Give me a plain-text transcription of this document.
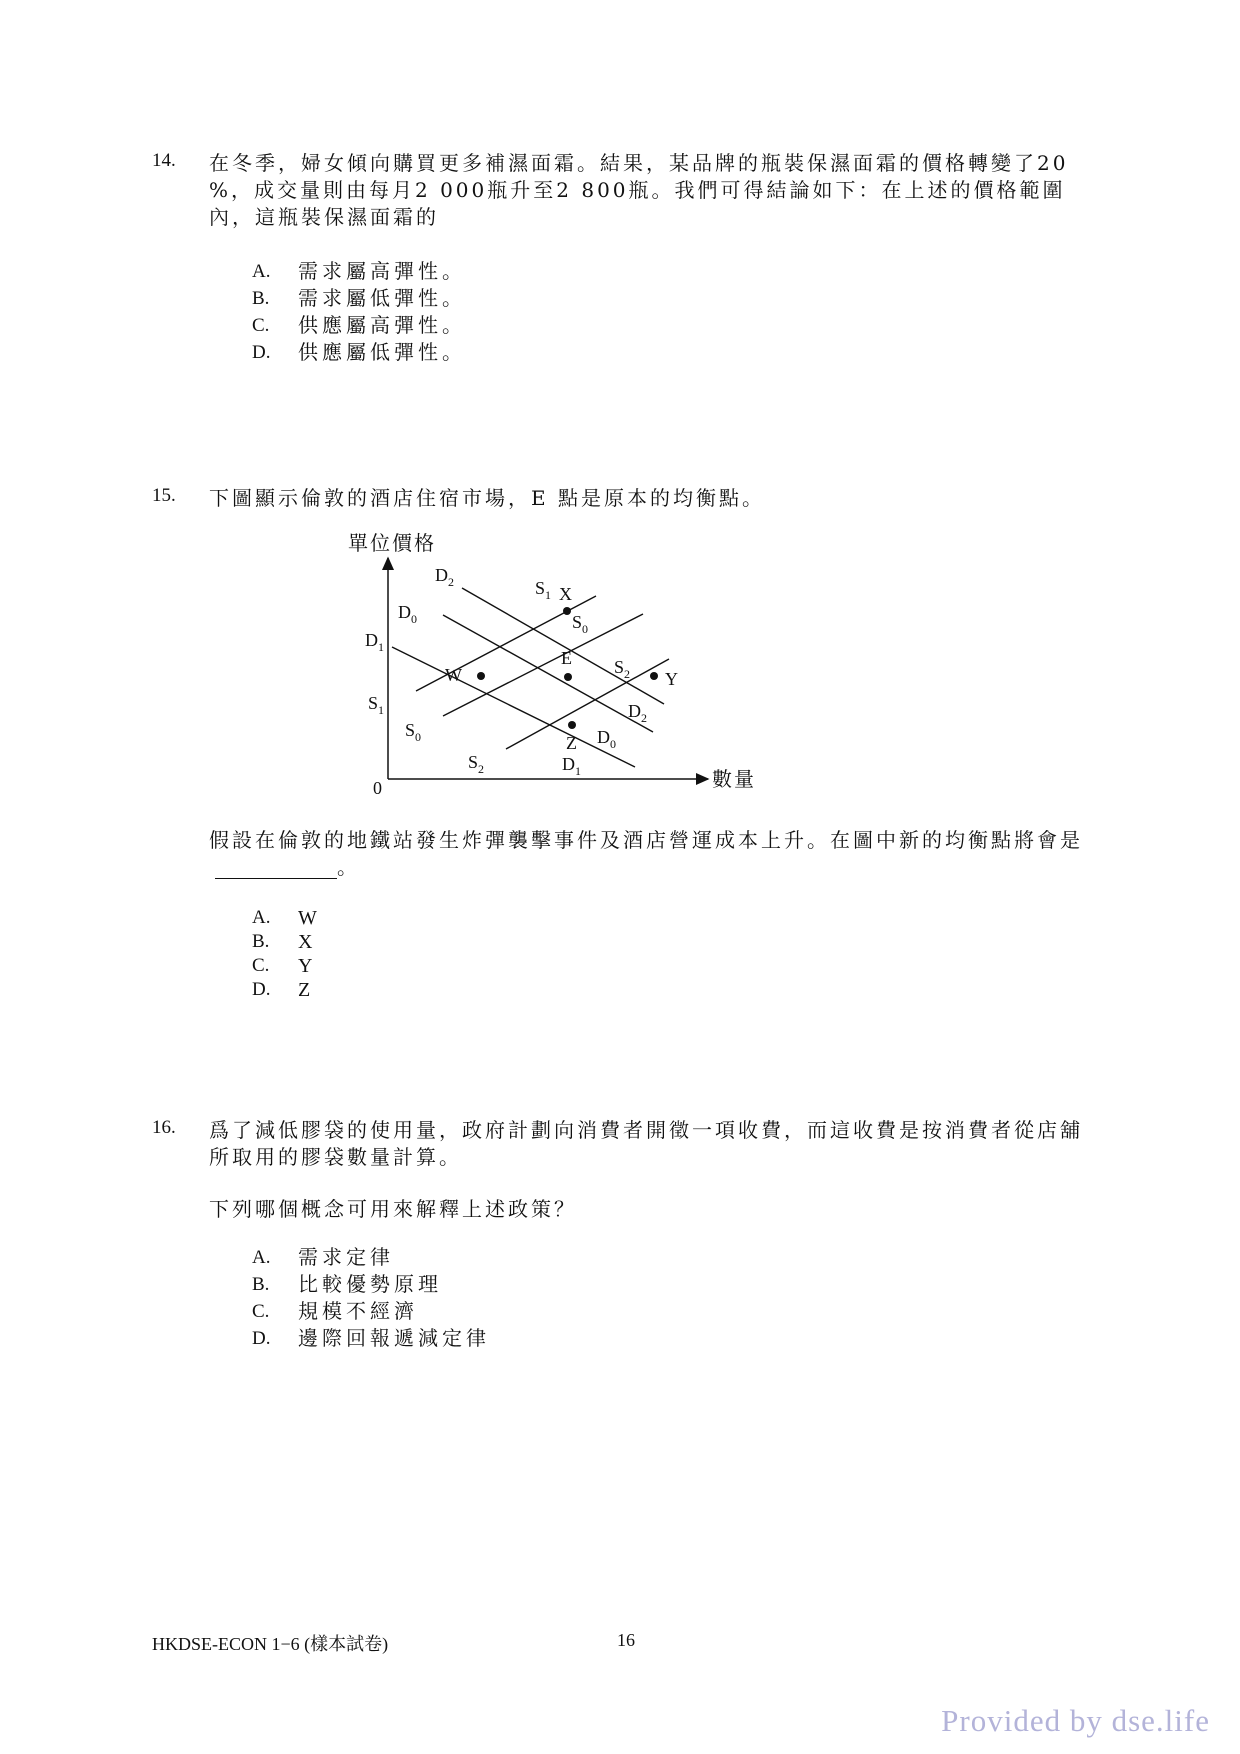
14. 在冬季，婦女傾向購買更多補濕面霜。結果，某品牌的瓶裝保濕面霜的價格轉變了20 %，成交量則由每月2 000瓶升至2 800瓶。我們可得結論如下：在上述的價格範圍內，這瓶裝保濕面霜的
A.	需求屬高彈性。
B.	需求屬低彈性。
C.	供應屬高彈性。
D.	供應屬低彈性。
15. 下圖顯示倫敦的酒店住宿市場，E 點是原本的均衡點。
單位價格
數量
0
$D_2$
$D_0$
$D_1$
$S_1$
$S_0$
$S_2$
$D_2$
$D_0$
$D_1$
$S_1$
$S_0$
$S_2$
X
E
W	Y
Z
假設在倫敦的地鐵站發生炸彈襲擊事件及酒店營運成本上升。在圖中新的均衡點將會是。
A.	W
B.	X
C.	Y
D.	Z
16. 爲了減低膠袋的使用量，政府計劃向消費者開徵一項收費，而這收費是按消費者從店舖所取用的膠袋數量計算。
下列哪個概念可用來解釋上述政策？
A.	需求定律
B.	比較優勢原理
C.	規模不經濟
D.	邊際回報遞減定律
HKDSE-ECON 1−6 (樣本試卷)	16
Provided by dse.life
